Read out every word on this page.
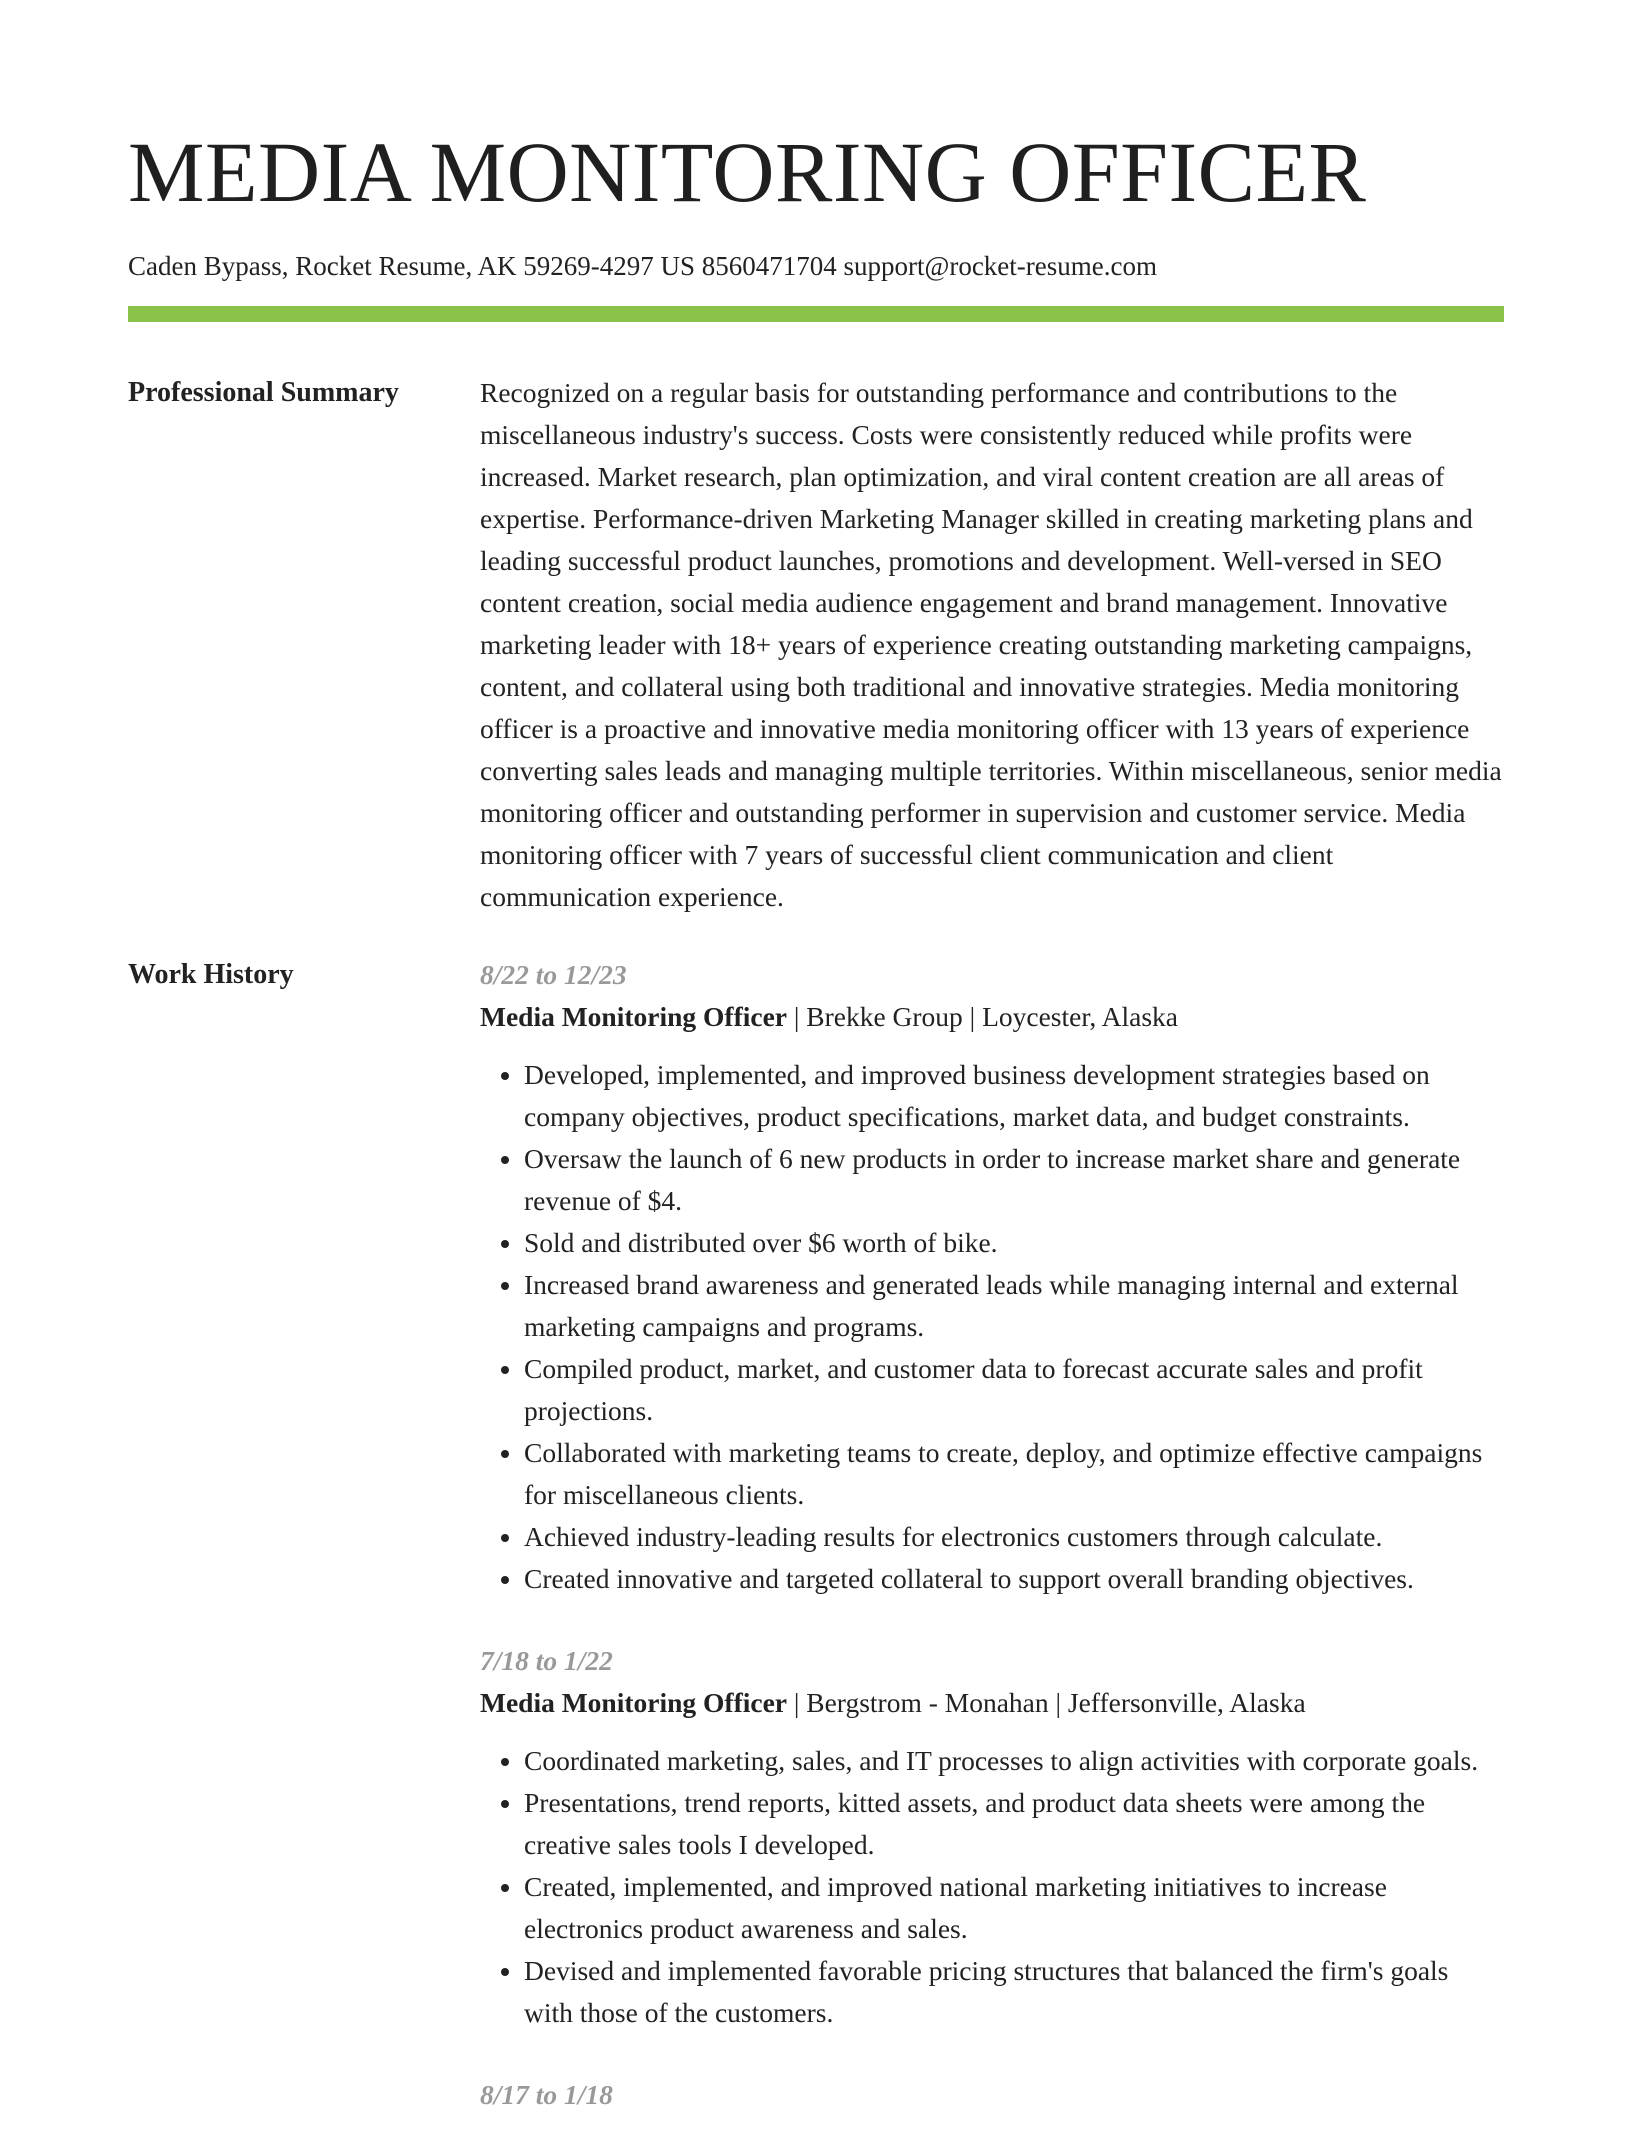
MEDIA MONITORING OFFICER
Caden Bypass, Rocket Resume, AK 59269-4297 US 8560471704 support@rocket-resume.com
Professional Summary	Recognized on a regular basis for outstanding performance and contributions to the miscellaneous industry's success. Costs were consistently reduced while profits were increased. Market research, plan optimization, and viral content creation are all areas of expertise. Performance-driven Marketing Manager skilled in creating marketing plans and leading successful product launches, promotions and development. Well-versed in SEO content creation, social media audience engagement and brand management. Innovative marketing leader with 18+ years of experience creating outstanding marketing campaigns, content, and collateral using both traditional and innovative strategies. Media monitoring officer is a proactive and innovative media monitoring officer with 13 years of experience converting sales leads and managing multiple territories. Within miscellaneous, senior media monitoring officer and outstanding performer in supervision and customer service. Media monitoring officer with 7 years of successful client communication and client communication experience.

Work History	8/22 to 12/23
Media Monitoring Officer | Brekke Group | Loycester, Alaska
• Developed, implemented, and improved business development strategies based on company objectives, product specifications, market data, and budget constraints.
• Oversaw the launch of 6 new products in order to increase market share and generate revenue of $4.
• Sold and distributed over $6 worth of bike.
• Increased brand awareness and generated leads while managing internal and external marketing campaigns and programs.
• Compiled product, market, and customer data to forecast accurate sales and profit projections.
• Collaborated with marketing teams to create, deploy, and optimize effective campaigns for miscellaneous clients.
• Achieved industry-leading results for electronics customers through calculate.
• Created innovative and targeted collateral to support overall branding objectives.
7/18 to 1/22
Media Monitoring Officer | Bergstrom - Monahan | Jeffersonville, Alaska
• Coordinated marketing, sales, and IT processes to align activities with corporate goals.
• Presentations, trend reports, kitted assets, and product data sheets were among the creative sales tools I developed.
• Created, implemented, and improved national marketing initiatives to increase electronics product awareness and sales.
• Devised and implemented favorable pricing structures that balanced the firm's goals with those of the customers.
8/17 to 1/18
